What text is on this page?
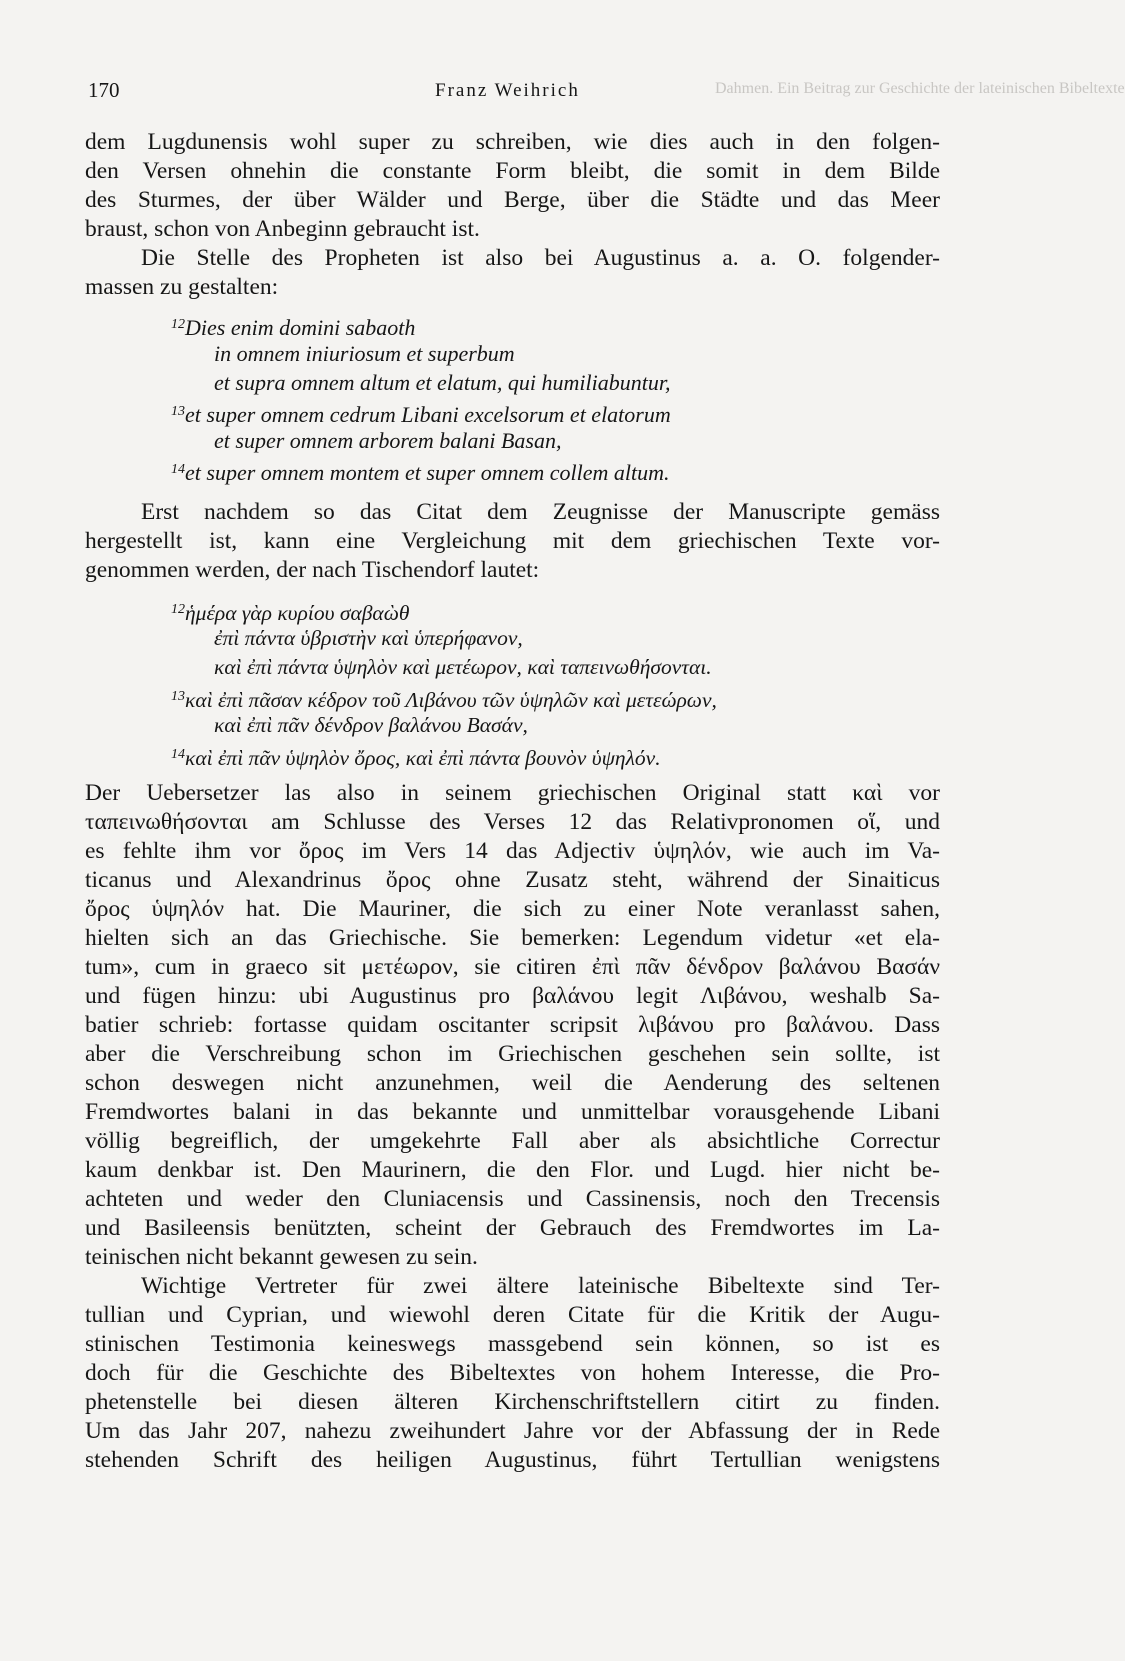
170	Franz Weihrich	Dahmen. Ein Beitrag zur Geschichte der lateinischen Bibeltexte
dem Lugdunensis wohl super zu schreiben, wie dies auch in den folgen-
den Versen ohnehin die constante Form bleibt, die somit in dem Bilde
des Sturmes, der über Wälder und Berge, über die Städte und das Meer
braust, schon von Anbeginn gebraucht ist.
Die Stelle des Propheten ist also bei Augustinus a. a. O. folgender-
massen zu gestalten:
$^{12}$Dies enim domini sabaoth
in omnem iniuriosum et superbum
et supra omnem altum et elatum, qui humiliabuntur,
$^{13}$et super omnem cedrum Libani excelsorum et elatorum
et super omnem arborem balani Basan,
$^{14}$et super omnem montem et super omnem collem altum.
Erst nachdem so das Citat dem Zeugnisse der Manuscripte gemäss
hergestellt ist, kann eine Vergleichung mit dem griechischen Texte vor-
genommen werden, der nach Tischendorf lautet:
$^{12}$ἡμέρα γὰρ κυρίου σαβαὼθ
ἐπὶ πάντα ὑβριστὴν καὶ ὑπερήφανον,
καὶ ἐπὶ πάντα ὑψηλὸν καὶ μετέωρον, καὶ ταπεινωθήσονται.
$^{13}$καὶ ἐπὶ πᾶσαν κέδρον τοῦ Λιβάνου τῶν ὑψηλῶν καὶ μετεώρων,
καὶ ἐπὶ πᾶν δένδρον βαλάνου Βασάν,
$^{14}$καὶ ἐπὶ πᾶν ὑψηλὸν ὄρος, καὶ ἐπὶ πάντα βουνὸν ὑψηλόν.
Der Uebersetzer las also in seinem griechischen Original statt καὶ vor
ταπεινωθήσονται am Schlusse des Verses 12 das Relativpronomen οἵ, und
es fehlte ihm vor ὄρος im Vers 14 das Adjectiv ὑψηλόν, wie auch im Va-
ticanus und Alexandrinus ὄρος ohne Zusatz steht, während der Sinaiticus
ὄρος ὑψηλόν hat. Die Mauriner, die sich zu einer Note veranlasst sahen,
hielten sich an das Griechische. Sie bemerken: Legendum videtur «et ela-
tum», cum in graeco sit μετέωρον, sie citiren ἐπὶ πᾶν δένδρον βαλάνου Βασάν
und fügen hinzu: ubi Augustinus pro βαλάνου legit Λιβάνου, weshalb Sa-
batier schrieb: fortasse quidam oscitanter scripsit λιβάνου pro βαλάνου. Dass
aber die Verschreibung schon im Griechischen geschehen sein sollte, ist
schon deswegen nicht anzunehmen, weil die Aenderung des seltenen
Fremdwortes balani in das bekannte und unmittelbar vorausgehende Libani
völlig begreiflich, der umgekehrte Fall aber als absichtliche Correctur
kaum denkbar ist. Den Maurinern, die den Flor. und Lugd. hier nicht be-
achteten und weder den Cluniacensis und Cassinensis, noch den Trecensis
und Basileensis benützten, scheint der Gebrauch des Fremdwortes im La-
teinischen nicht bekannt gewesen zu sein.
Wichtige Vertreter für zwei ältere lateinische Bibeltexte sind Ter-
tullian und Cyprian, und wiewohl deren Citate für die Kritik der Augu-
stinischen Testimonia keineswegs massgebend sein können, so ist es
doch für die Geschichte des Bibeltextes von hohem Interesse, die Pro-
phetenstelle bei diesen älteren Kirchenschriftstellern citirt zu finden.
Um das Jahr 207, nahezu zweihundert Jahre vor der Abfassung der in Rede
stehenden Schrift des heiligen Augustinus, führt Tertullian wenigstens
